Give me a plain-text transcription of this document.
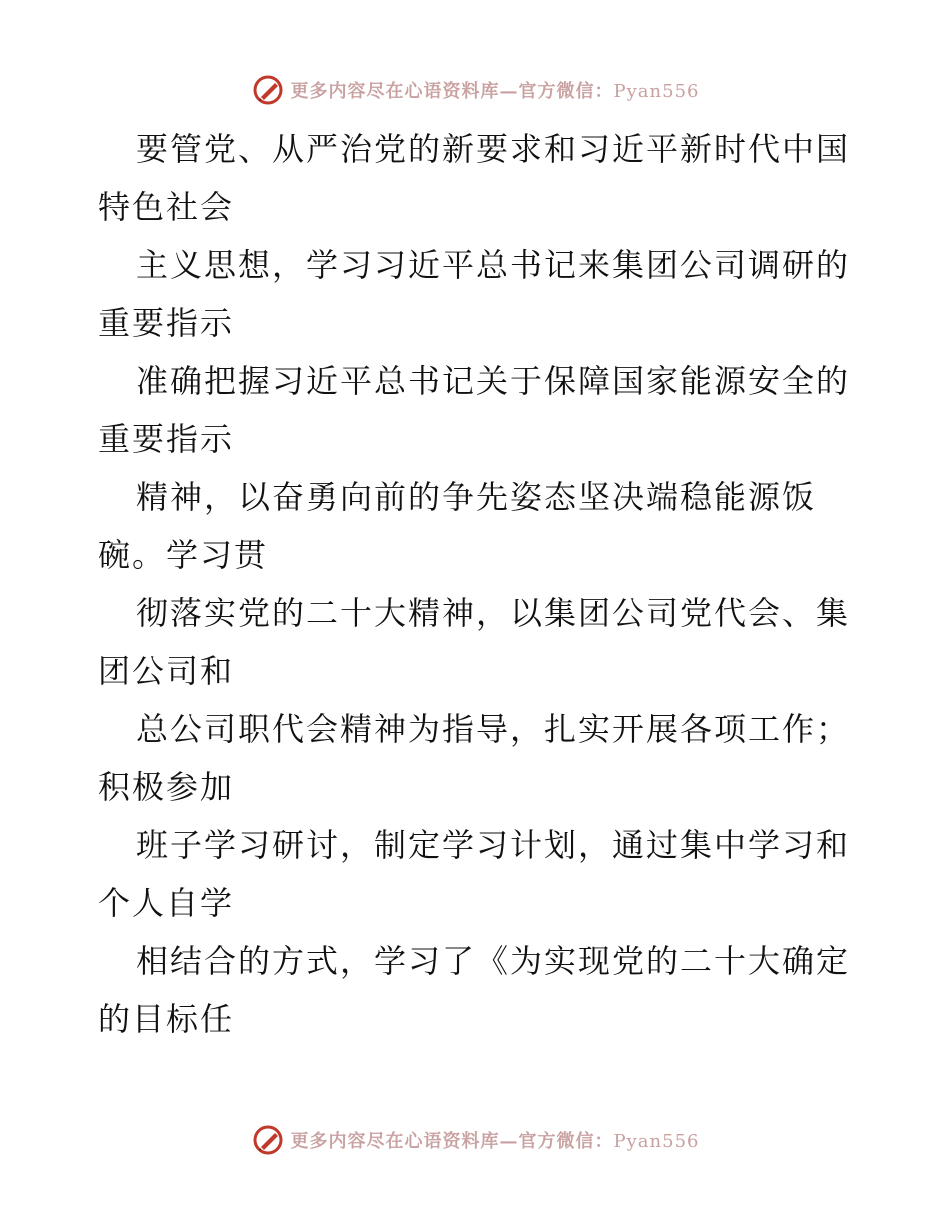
更多内容尽在心语资料库—官方微信：Pyan556
要管党、从严治党的新要求和习近平新时代中国
特色社会
主义思想，学习习近平总书记来集团公司调研的
重要指示
准确把握习近平总书记关于保障国家能源安全的
重要指示
精神，以奋勇向前的争先姿态坚决端稳能源饭
碗。学习贯
彻落实党的二十大精神，以集团公司党代会、集
团公司和
总公司职代会精神为指导，扎实开展各项工作；
积极参加
班子学习研讨，制定学习计划，通过集中学习和
个人自学
相结合的方式，学习了《为实现党的二十大确定
的目标任
更多内容尽在心语资料库—官方微信：Pyan556
